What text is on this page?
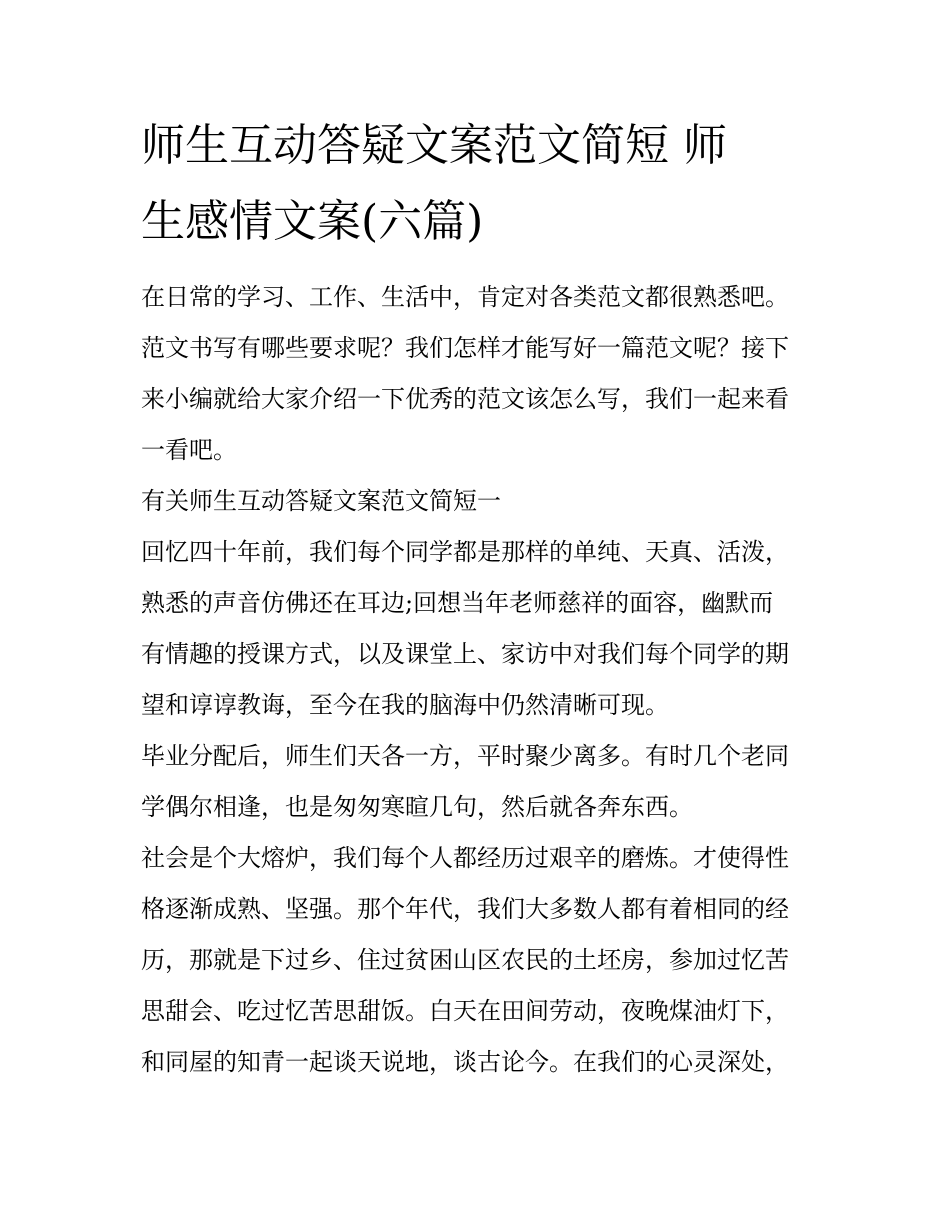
师生互动答疑文案范文简短 师
生感情文案(六篇)

在日常的学习、工作、生活中，肯定对各类范文都很熟悉吧。
范文书写有哪些要求呢？我们怎样才能写好一篇范文呢？接下
来小编就给大家介绍一下优秀的范文该怎么写，我们一起来看
一看吧。

有关师生互动答疑文案范文简短一

回忆四十年前，我们每个同学都是那样的单纯、天真、活泼，
熟悉的声音仿佛还在耳边;回想当年老师慈祥的面容，幽默而
有情趣的授课方式，以及课堂上、家访中对我们每个同学的期
望和谆谆教诲，至今在我的脑海中仍然清晰可现。

毕业分配后，师生们天各一方，平时聚少离多。有时几个老同
学偶尔相逢，也是匆匆寒暄几句，然后就各奔东西。

社会是个大熔炉，我们每个人都经历过艰辛的磨炼。才使得性
格逐渐成熟、坚强。那个年代，我们大多数人都有着相同的经
历，那就是下过乡、住过贫困山区农民的土坯房，参加过忆苦
思甜会、吃过忆苦思甜饭。白天在田间劳动，夜晚煤油灯下，
和同屋的知青一起谈天说地，谈古论今。在我们的心灵深处，
